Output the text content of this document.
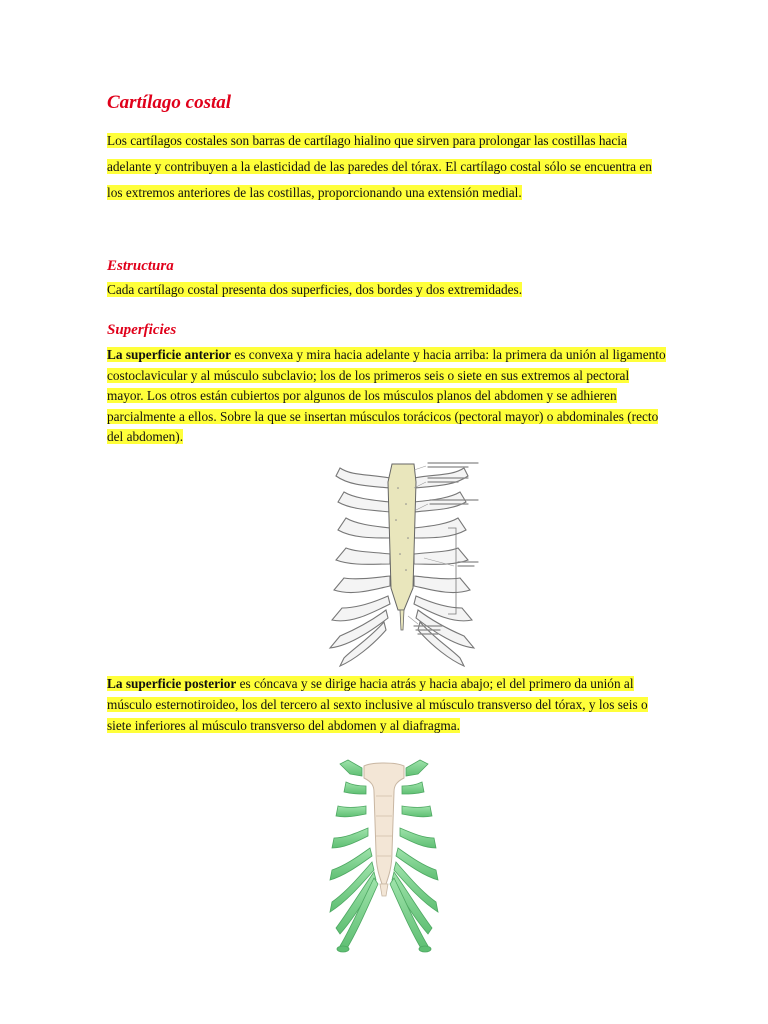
Cartílago costal

Los cartílagos costales son barras de cartílago hialino que sirven para prolongar las costillas hacia adelante y contribuyen a la elasticidad de las paredes del tórax. El cartílago costal sólo se encuentra en los extremos anteriores de las costillas, proporcionando una extensión medial.

Estructura

Cada cartílago costal presenta dos superficies, dos bordes y dos extremidades.

Superficies

La superficie anterior es convexa y mira hacia adelante y hacia arriba: la primera da unión al ligamento costoclavicular y al músculo subclavio; los de los primeros seis o siete en sus extremos al pectoral mayor. Los otros están cubiertos por algunos de los músculos planos del abdomen y se adhieren parcialmente a ellos. Sobre la que se insertan músculos torácicos (pectoral mayor) o abdominales (recto del abdomen).

La superficie posterior es cóncava y se dirige hacia atrás y hacia abajo; el del primero da unión al músculo esternotiroideo, los del tercero al sexto inclusive al músculo transverso del tórax, y los seis o siete inferiores al músculo transverso del abdomen y al diafragma.
